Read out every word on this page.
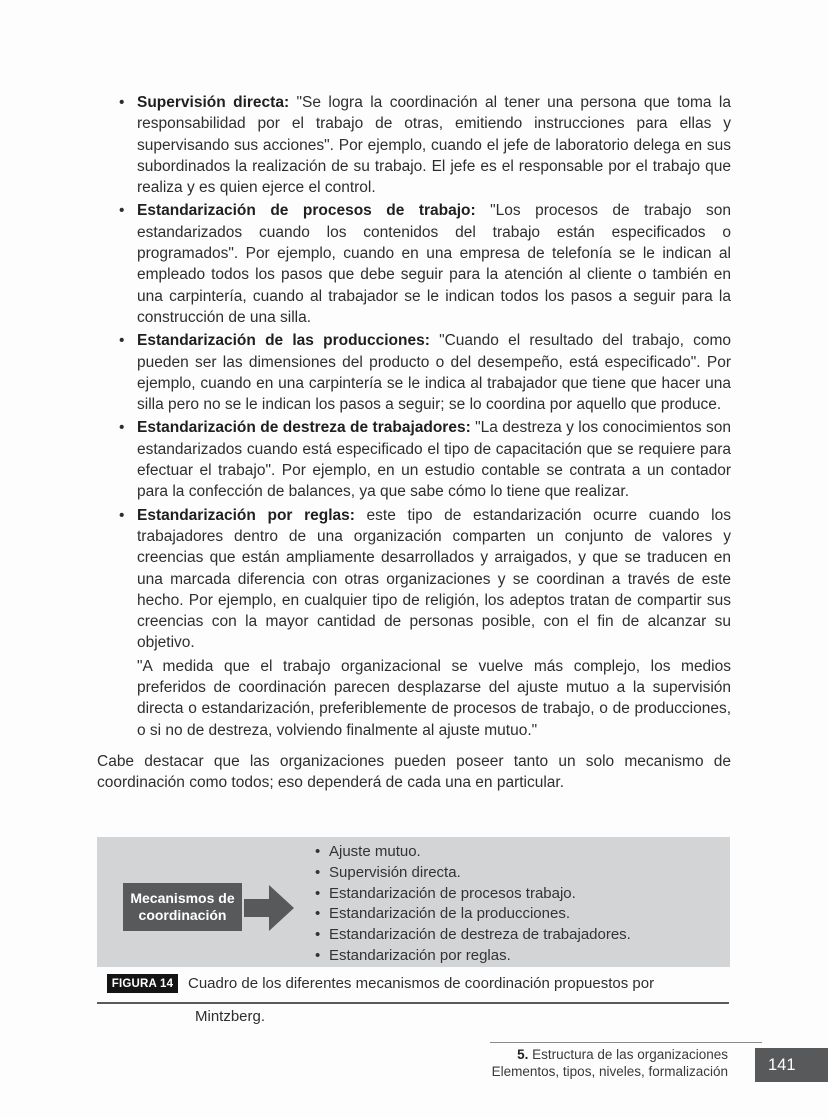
• Supervisión directa: "Se logra la coordinación al tener una persona que toma la responsabilidad por el trabajo de otras, emitiendo instrucciones para ellas y supervisando sus acciones". Por ejemplo, cuando el jefe de laboratorio delega en sus subordinados la realización de su trabajo. El jefe es el responsable por el trabajo que realiza y es quien ejerce el control.
• Estandarización de procesos de trabajo: "Los procesos de trabajo son estandarizados cuando los contenidos del trabajo están especificados o programados". Por ejemplo, cuando en una empresa de telefonía se le indican al empleado todos los pasos que debe seguir para la atención al cliente o también en una carpintería, cuando al trabajador se le indican todos los pasos a seguir para la construcción de una silla.
• Estandarización de las producciones: "Cuando el resultado del trabajo, como pueden ser las dimensiones del producto o del desempeño, está especificado". Por ejemplo, cuando en una carpintería se le indica al trabajador que tiene que hacer una silla pero no se le indican los pasos a seguir; se lo coordina por aquello que produce.
• Estandarización de destreza de trabajadores: "La destreza y los conocimientos son estandarizados cuando está especificado el tipo de capacitación que se requiere para efectuar el trabajo". Por ejemplo, en un estudio contable se contrata a un contador para la confección de balances, ya que sabe cómo lo tiene que realizar.
• Estandarización por reglas: este tipo de estandarización ocurre cuando los trabajadores dentro de una organización comparten un conjunto de valores y creencias que están ampliamente desarrollados y arraigados, y que se traducen en una marcada diferencia con otras organizaciones y se coordinan a través de este hecho. Por ejemplo, en cualquier tipo de religión, los adeptos tratan de compartir sus creencias con la mayor cantidad de personas posible, con el fin de alcanzar su objetivo.

"A medida que el trabajo organizacional se vuelve más complejo, los medios preferidos de coordinación parecen desplazarse del ajuste mutuo a la supervisión directa o estandarización, preferiblemente de procesos de trabajo, o de producciones, o si no de destreza, volviendo finalmente al ajuste mutuo."

Cabe destacar que las organizaciones pueden poseer tanto un solo mecanismo de coordinación como todos; eso dependerá de cada una en particular.

Mecanismos de coordinación
• Ajuste mutuo.
• Supervisión directa.
• Estandarización de procesos trabajo.
• Estandarización de la producciones.
• Estandarización de destreza de trabajadores.
• Estandarización por reglas.
FIGURA 14 Cuadro de los diferentes mecanismos de coordinación propuestos por
Mintzberg.
5. Estructura de las organizaciones
Elementos, tipos, niveles, formalización	141
